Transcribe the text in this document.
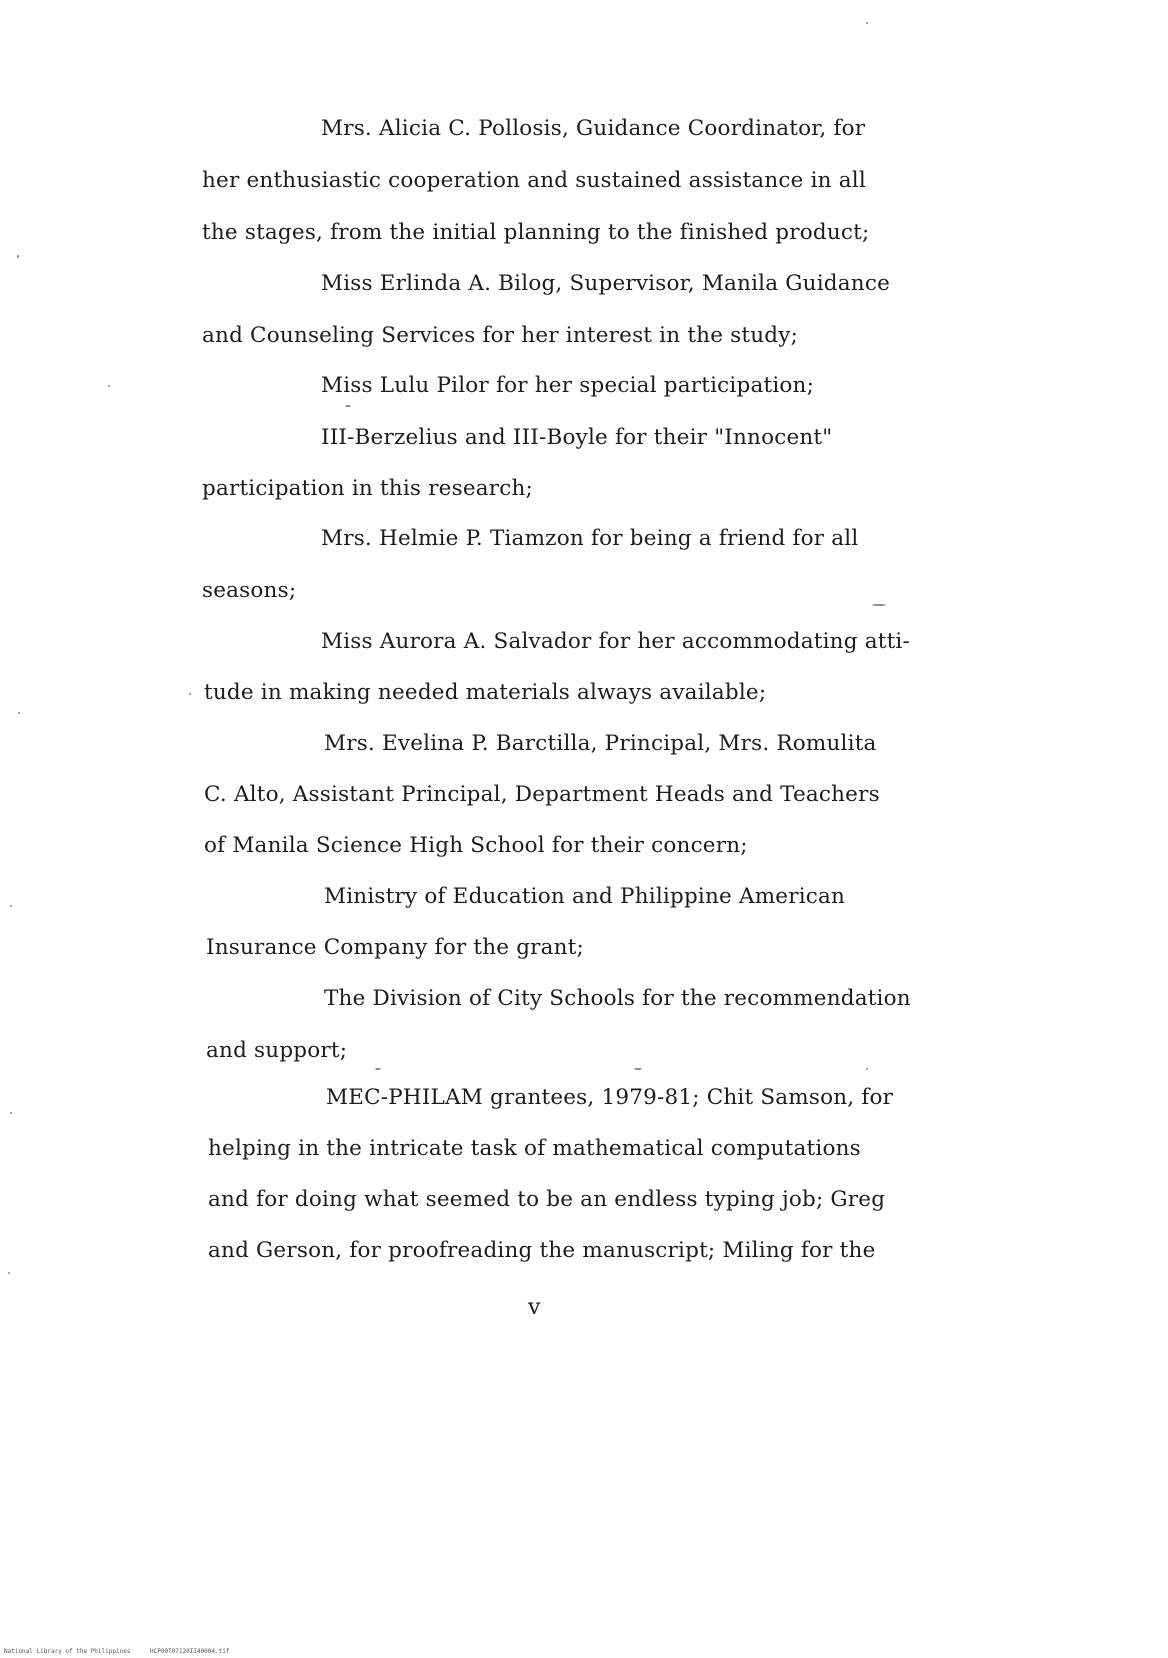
Mrs. Alicia C. Pollosis, Guidance Coordinator, for
her enthusiastic cooperation and sustained assistance in all
the stages, from the initial planning to the finished product;
Miss Erlinda A. Bilog, Supervisor, Manila Guidance
and Counseling Services for her interest in the study;
Miss Lulu Pilor for her special participation;
III-Berzelius and III-Boyle for their "Innocent"
participation in this research;
Mrs. Helmie P. Tiamzon for being a friend for all
seasons;
Miss Aurora A. Salvador for her accommodating atti-
tude in making needed materials always available;
Mrs. Evelina P. Barctilla, Principal, Mrs. Romulita
C. Alto, Assistant Principal, Department Heads and Teachers
of Manila Science High School for their concern;
Ministry of Education and Philippine American
Insurance Company for the grant;
The Division of City Schools for the recommendation
and support;
MEC-PHILAM grantees, 1979-81; Chit Samson, for
helping in the intricate task of mathematical computations
and for doing what seemed to be an endless typing job; Greg
and Gerson, for proofreading the manuscript; Miling for the
v
National Library of the Philippines	HCP00T07120II40004.tif
